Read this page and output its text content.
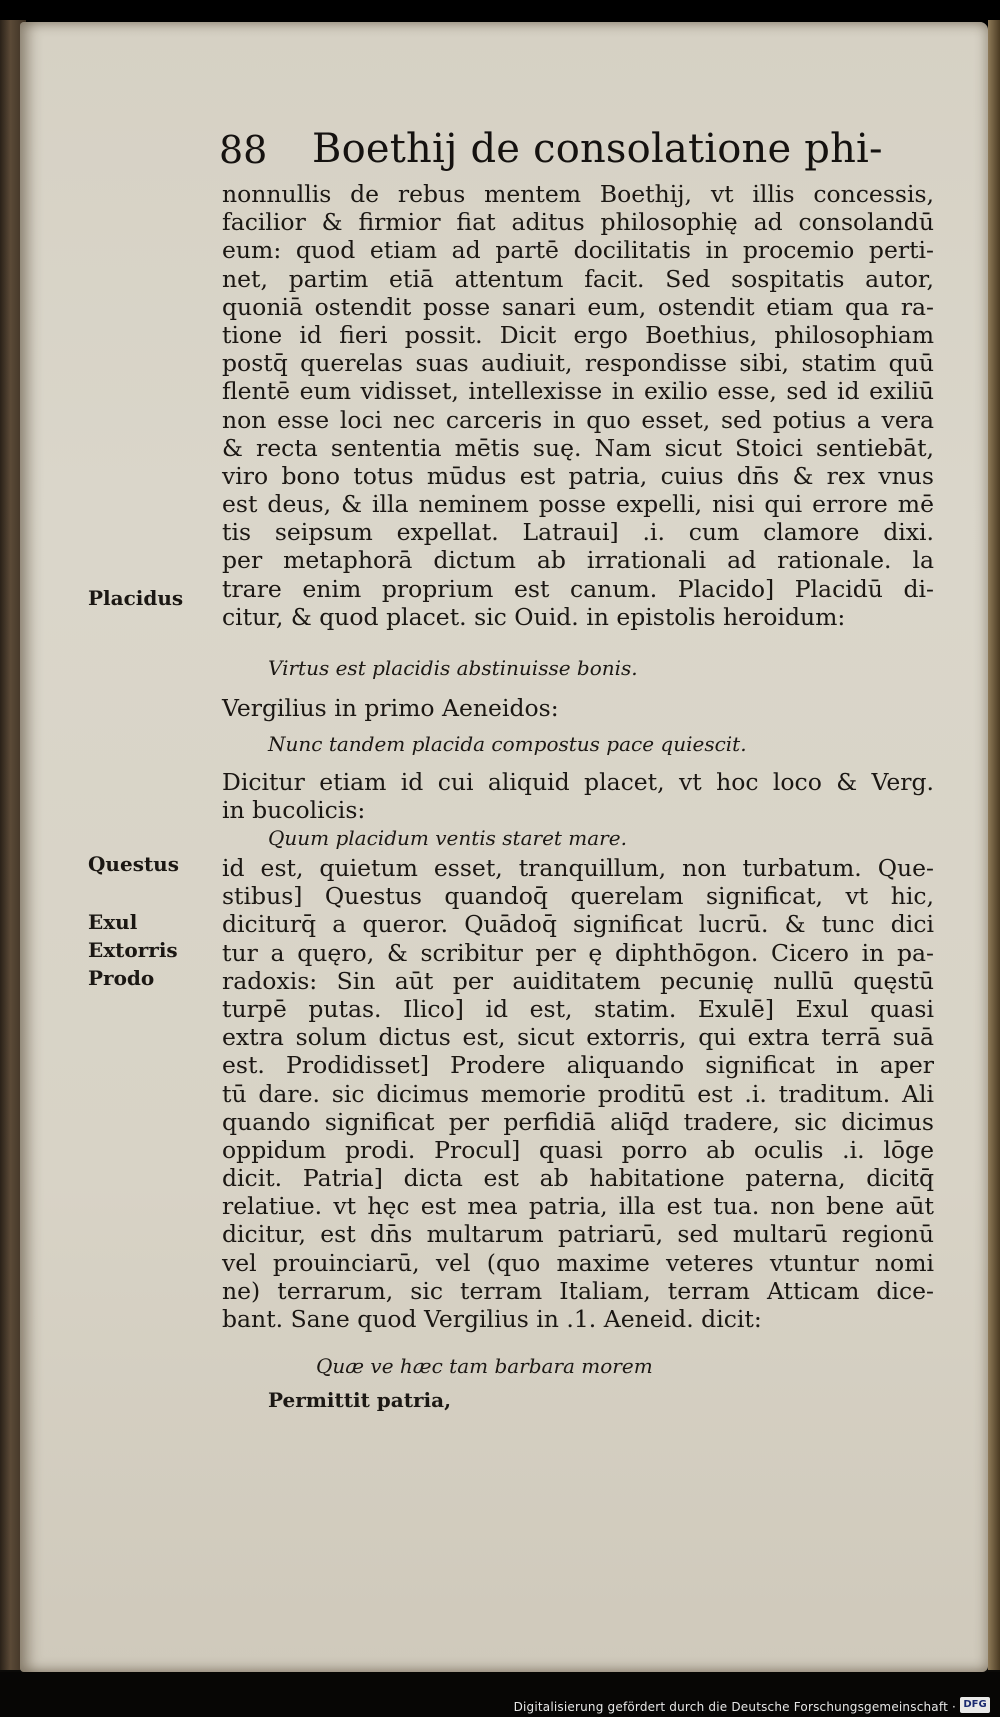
88 Boethij de consolatione phi-
nonnullis de rebus mentem Boethij, vt illis concessis,
facilior & firmior fiat aditus philosophię ad consolandū
eum: quod etiam ad partē docilitatis in procemio perti-
net, partim etiā attentum facit. Sed sospitatis autor,
quoniā ostendit posse sanari eum, ostendit etiam qua ra-
tione id fieri possit. Dicit ergo Boethius, philosophiam
postq̄ querelas suas audiuit, respondisse sibi, statim quū
flentē eum vidisset, intellexisse in exilio esse, sed id exiliū
non esse loci nec carceris in quo esset, sed potius a vera
& recta sententia mētis suę. Nam sicut Stoici sentiebāt,
viro bono totus mūdus est patria, cuius dn̄s & rex vnus
est deus, & illa neminem posse expelli, nisi qui errore mē
tis seipsum expellat. Latraui] .i. cum clamore dixi.
per metaphorā dictum ab irrationali ad rationale. la
trare enim proprium est canum. Placido] Placidū di-
citur, & quod placet. sic Ouid. in epistolis heroidum:
Virtus est placidis abstinuisse bonis.
Vergilius in primo Aeneidos:
Nunc tandem placida compostus pace quiescit.
Dicitur etiam id cui aliquid placet, vt hoc loco & Verg.
in bucolicis:
Quum placidum ventis staret mare.
id est, quietum esset, tranquillum, non turbatum. Que-
stibus] Questus quandoq̄ querelam significat, vt hic,
diciturq̄ a queror. Quādoq̄ significat lucrū. & tunc dici
tur a quęro, & scribitur per ę diphthōgon. Cicero in pa-
radoxis: Sin aūt per auiditatem pecunię nullū quęstū
turpē putas. Ilico] id est, statim. Exulē] Exul quasi
extra solum dictus est, sicut extorris, qui extra terrā suā
est. Prodidisset] Prodere aliquando significat in aper
tū dare. sic dicimus memorie proditū est .i. traditum. Ali
quando significat per perfidiā aliq̄d tradere, sic dicimus
oppidum prodi. Procul] quasi porro ab oculis .i. lōge
dicit. Patria] dicta est ab habitatione paterna, dicitq̄
relatiue. vt hęc est mea patria, illa est tua. non bene aūt
dicitur, est dn̄s multarum patriarū, sed multarū regionū
vel prouinciarū, vel (quo maxime veteres vtuntur nomi
ne) terrarum, sic terram Italiam, terram Atticam dice-
bant. Sane quod Vergilius in .1. Aeneid. dicit:
Quæ ve hæc tam barbara morem
Permittit patria,
Placidus
Questus
Exul
Extorris
Prodo
Digitalisierung gefördert durch die Deutsche Forschungsgemeinschaft · DFG
